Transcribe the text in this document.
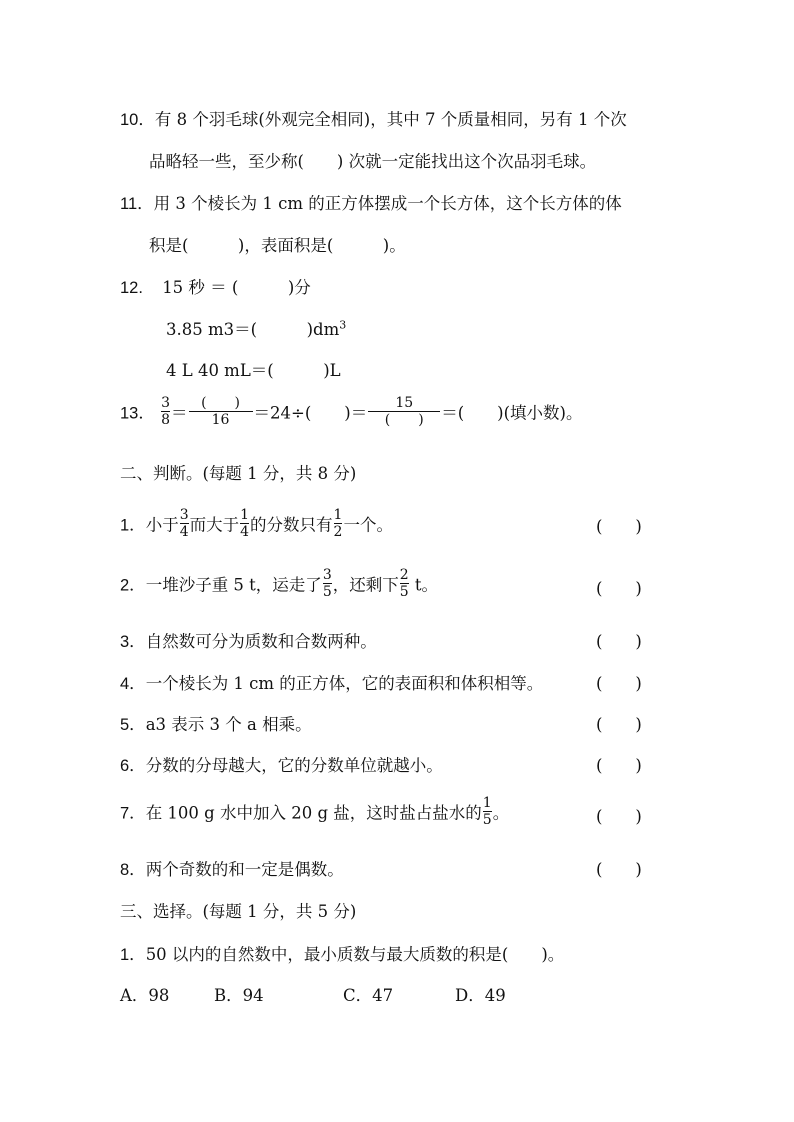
10．有 8 个羽毛球(外观完全相同)，其中 7 个质量相同，另有 1 个次
品略轻一些，至少称(　　) 次就一定能找出这个次品羽毛球。
11．用 3 个棱长为 1 cm 的正方体摆成一个长方体，这个长方体的体
积是(　　　)，表面积是(　　　)。
12. 15 秒 ＝ (　　　)分
3.85 m3＝(　　　)$dm^3$
4 L 40 mL＝(　　　)L
13． $\frac{3}{8} = \frac{( )}{16} =24\div$(　　)＝ $\frac{15}{( )}$ ＝(　　)(填小数)。
二、判断。(每题 1 分，共 8 分)
1．小于 $\frac{3}{4}$ 而大于 $\frac{1}{4}$ 的分数只有 $\frac{1}{2}$ 一个。	(　　)
2．一堆沙子重 5 t，运走了 $\frac{3}{5}$ ，还剩下 $\frac{2}{5}$ t。	(　　)
3．自然数可分为质数和合数两种。	(　　)
4．一个棱长为 1 cm 的正方体，它的表面积和体积相等。	(　　)
5．a3 表示 3 个 a 相乘。	(　　)
6．分数的分母越大，它的分数单位就越小。	(　　)
7．在 100 g 水中加入 20 g 盐，这时盐占盐水的 $\frac{1}{5}$ 。	(　　)
8．两个奇数的和一定是偶数。	(　　)
三、选择。(每题 1 分，共 5 分)
1．50 以内的自然数中，最小质数与最大质数的积是(　　)。
A．98	B．94	C．47	D．49
